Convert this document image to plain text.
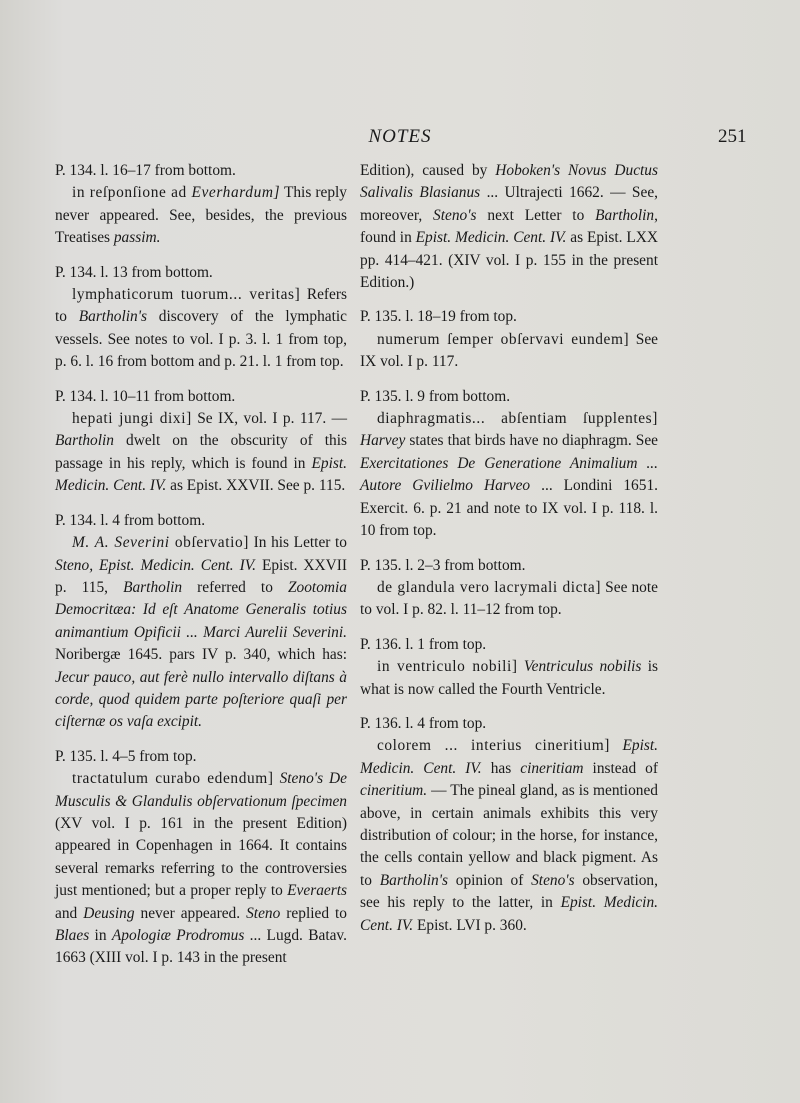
NOTES	251
P. 134. l. 16–17 from bottom.
in reſponſione ad Everhardum] This reply never appeared. See, besides, the previous Treatises passim.
P. 134. l. 13 from bottom.
lymphaticorum tuorum... veritas] Refers to Bartholin's discovery of the lymphatic vessels. See notes to vol. I p. 3. l. 1 from top, p. 6. l. 16 from bottom and p. 21. l. 1 from top.
P. 134. l. 10–11 from bottom.
hepati jungi dixi] Se IX, vol. I p. 117. — Bartholin dwelt on the obscurity of this passage in his reply, which is found in Epist. Medicin. Cent. IV. as Epist. XXVII. See p. 115.
P. 134. l. 4 from bottom.
M. A. Severini obſervatio] In his Letter to Steno, Epist. Medicin. Cent. IV. Epist. XXVII p. 115, Bartholin referred to Zootomia Democritæa: Id eſt Anatome Generalis totius animantium Opificii ... Marci Aurelii Severini. Noribergæ 1645. pars IV p. 340, which has: Jecur pauco, aut ferè nullo intervallo diſtans à corde, quod quidem parte poſteriore quaſi per ciſternæ os vaſa excipit.
P. 135. l. 4–5 from top.
tractatulum curabo edendum] Steno's De Musculis & Glandulis obſervationum ſpecimen (XV vol. I p. 161 in the present Edition) appeared in Copenhagen in 1664. It contains several remarks referring to the controversies just mentioned; but a proper reply to Everaerts and Deusing never appeared. Steno replied to Blaes in Apologiæ Prodromus ... Lugd. Batav. 1663 (XIII vol. I p. 143 in the present
Edition), caused by Hoboken's Novus Ductus Salivalis Blasianus ... Ultrajecti 1662. — See, moreover, Steno's next Letter to Bartholin, found in Epist. Medicin. Cent. IV. as Epist. LXX pp. 414–421. (XIV vol. I p. 155 in the present Edition.)
P. 135. l. 18–19 from top.
numerum ſemper obſervavi eundem] See IX vol. I p. 117.
P. 135. l. 9 from bottom.
diaphragmatis... abſentiam ſupplentes] Harvey states that birds have no diaphragm. See Exercitationes De Generatione Animalium ... Autore Gvilielmo Harveo ... Londini 1651. Exercit. 6. p. 21 and note to IX vol. I p. 118. l. 10 from top.
P. 135. l. 2–3 from bottom.
de glandula vero lacrymali dicta] See note to vol. I p. 82. l. 11–12 from top.
P. 136. l. 1 from top.
in ventriculo nobili] Ventriculus nobilis is what is now called the Fourth Ventricle.
P. 136. l. 4 from top.
colorem ... interius cineritium] Epist. Medicin. Cent. IV. has cineritiam instead of cineritium. — The pineal gland, as is mentioned above, in certain animals exhibits this very distribution of colour; in the horse, for instance, the cells contain yellow and black pigment. As to Bartholin's opinion of Steno's observation, see his reply to the latter, in Epist. Medicin. Cent. IV. Epist. LVI p. 360.
